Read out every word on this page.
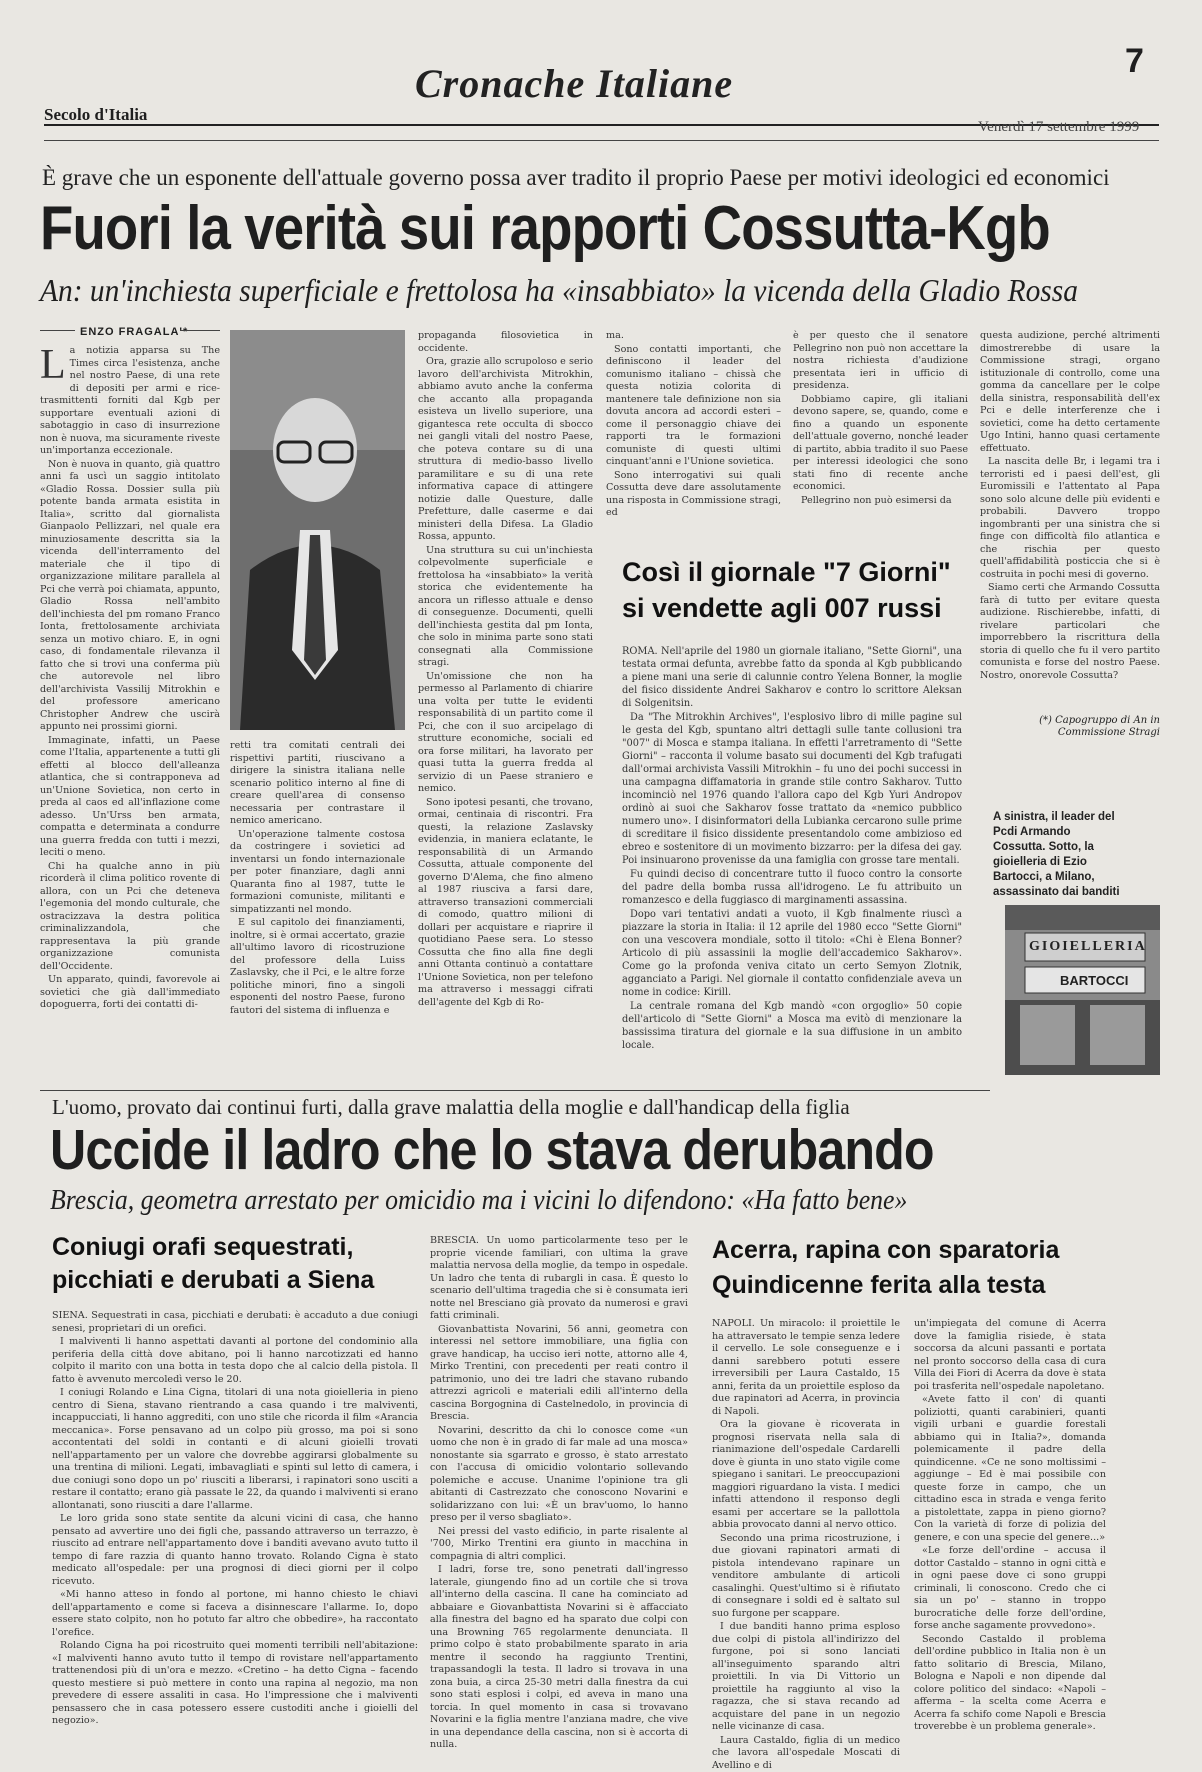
Cronache Italiane	7
Secolo d'Italia
Venerdì 17 settembre 1999
È grave che un esponente dell'attuale governo possa aver tradito il proprio Paese per motivi ideologici ed economici
Fuori la verità sui rapporti Cossutta-Kgb
An: un'inchiesta superficiale e frettolosa ha «insabbiato» la vicenda della Gladio Rossa
ENZO FRAGALA'*
L a notizia apparsa su The Times circa l'esistenza, anche nel nostro Paese, di una rete di depositi per armi e rice-trasmittenti forniti dal Kgb per supportare eventuali azioni di sabotaggio in caso di insurrezione non è nuova, ma sicuramente riveste un'importanza eccezionale.

Non è nuova in quanto, già quattro anni fa uscì un saggio intitolato «Gladio Rossa. Dossier sulla più potente banda armata esistita in Italia», scritto dal giornalista Gianpaolo Pellizzari, nel quale era minuziosamente descritta sia la vicenda dell'interramento del materiale che il tipo di organizzazione militare parallela al Pci che verrà poi chiamata, appunto, Gladio Rossa nell'ambito dell'inchiesta del pm romano Franco Ionta, frettolosamente archiviata senza un motivo chiaro. E, in ogni caso, di fondamentale rilevanza il fatto che si trovi una conferma più che autorevole nel libro dell'archivista Vassilij Mitrokhin e del professore americano Christopher Andrew che uscirà appunto nei prossimi giorni.

Immaginate, infatti, un Paese come l'Italia, appartenente a tutti gli effetti al blocco dell'alleanza atlantica, che si contrapponeva ad un'Unione Sovietica, non certo in preda al caos ed all'inflazione come adesso. Un'Urss ben armata, compatta e determinata a condurre una guerra fredda con tutti i mezzi, leciti o meno.

Chi ha qualche anno in più ricorderà il clima politico rovente di allora, con un Pci che deteneva l'egemonia del mondo culturale, che ostracizzava la destra politica criminalizzandola, che rappresentava la più grande organizzazione comunista dell'Occidente.

Un apparato, quindi, favorevole ai sovietici che già dall'immediato dopoguerra, forti dei contatti di-

retti tra comitati centrali dei rispettivi partiti, riuscivano a dirigere la sinistra italiana nelle scenario politico interno al fine di creare quell'area di consenso necessaria per contrastare il nemico americano.

Un'operazione talmente costosa da costringere i sovietici ad inventarsi un fondo internazionale per poter finanziare, dagli anni Quaranta fino al 1987, tutte le formazioni comuniste, militanti e simpatizzanti nel mondo.

E sul capitolo dei finanziamenti, inoltre, si è ormai accertato, grazie all'ultimo lavoro di ricostruzione del professore della Luiss Zaslavsky, che il Pci, e le altre forze politiche minori, fino a singoli esponenti del nostro Paese, furono fautori del sistema di influenza e

propaganda filosovietica in occidente.

Ora, grazie allo scrupoloso e serio lavoro dell'archivista Mitrokhin, abbiamo avuto anche la conferma che accanto alla propaganda esisteva un livello superiore, una gigantesca rete occulta di sbocco nei gangli vitali del nostro Paese, che poteva contare su di una struttura di medio-basso livello paramilitare e su di una rete informativa capace di attingere notizie dalle Questure, dalle Prefetture, dalle caserme e dai ministeri della Difesa. La Gladio Rossa, appunto.

Una struttura su cui un'inchiesta colpevolmente superficiale e frettolosa ha «insabbiato» la verità storica che evidentemente ha ancora un riflesso attuale e denso di conseguenze. Documenti, quelli dell'inchiesta gestita dal pm Ionta, che solo in minima parte sono stati consegnati alla Commissione stragi.

Un'omissione che non ha permesso al Parlamento di chiarire una volta per tutte le evidenti responsabilità di un partito come il Pci, che con il suo arcipelago di strutture economiche, sociali ed ora forse militari, ha lavorato per quasi tutta la guerra fredda al servizio di un Paese straniero e nemico.

Sono ipotesi pesanti, che trovano, ormai, centinaia di riscontri. Fra questi, la relazione Zaslavsky evidenzia, in maniera eclatante, le responsabilità di un Armando Cossutta, attuale componente del governo D'Alema, che fino almeno al 1987 riusciva a farsi dare, attraverso transazioni commerciali di comodo, quattro milioni di dollari per acquistare e riaprire il quotidiano Paese sera. Lo stesso Cossutta che fino alla fine degli anni Ottanta continuò a contattare l'Unione Sovietica, non per telefono ma attraverso i messaggi cifrati dell'agente del Kgb di Ro-

ma.

Sono contatti importanti, che definiscono il leader del comunismo italiano – chissà che questa notizia colorita di mantenere tale definizione non sia dovuta ancora ad accordi esteri – come il personaggio chiave dei rapporti tra le formazioni comuniste di questi ultimi cinquant'anni e l'Unione sovietica.

Sono interrogativi sui quali Cossutta deve dare assolutamente una risposta in Commissione stragi, ed

è per questo che il senatore Pellegrino non può non accettare la nostra richiesta d'audizione presentata ieri in ufficio di presidenza.

Dobbiamo capire, gli italiani devono sapere, se, quando, come e fino a quando un esponente dell'attuale governo, nonché leader di partito, abbia tradito il suo Paese per interessi ideologici che sono stati fino di recente anche economici.

Pellegrino non può esimersi da

questa audizione, perché altrimenti dimostrerebbe di usare la Commissione stragi, organo istituzionale di controllo, come una gomma da cancellare per le colpe della sinistra, responsabilità dell'ex Pci e delle interferenze che i sovietici, come ha detto certamente Ugo Intini, hanno quasi certamente effettuato.

La nascita delle Br, i legami tra i terroristi ed i paesi dell'est, gli Euromissili e l'attentato al Papa sono solo alcune delle più evidenti e probabili. Davvero troppo ingombranti per una sinistra che si finge con difficoltà filo atlantica e che rischia per questo quell'affidabilità posticcia che si è costruita in pochi mesi di governo.

Siamo certi che Armando Cossutta farà di tutto per evitare questa audizione. Rischierebbe, infatti, di rivelare particolari che imporrebbero la riscrittura della storia di quello che fu il vero partito comunista e forse del nostro Paese. Nostro, onorevole Cossutta?

(*) Capogruppo di An in Commissione Stragi
Così il giornale "7 Giorni"
si vendette agli 007 russi

ROMA. Nell'aprile del 1980 un giornale italiano, "Sette Giorni", una testata ormai defunta, avrebbe fatto da sponda al Kgb pubblicando a piene mani una serie di calunnie contro Yelena Bonner, la moglie del fisico dissidente Andrei Sakharov e contro lo scrittore Aleksan di Solgenitsin.

Da "The Mitrokhin Archives", l'esplosivo libro di mille pagine sul le gesta del Kgb, spuntano altri dettagli sulle tante collusioni tra "007" di Mosca e stampa italiana. In effetti l'arretramento di "Sette Giorni" – racconta il volume basato sui documenti del Kgb trafugati dall'ormai archivista Vassili Mitrokhin – fu uno dei pochi successi in una campagna diffamatoria in grande stile contro Sakharov. Tutto incominciò nel 1976 quando l'allora capo del Kgb Yuri Andropov ordinò ai suoi che Sakharov fosse trattato da «nemico pubblico numero uno». I disinformatori della Lubianka cercarono sulle prime di screditare il fisico dissidente presentandolo come ambizioso ed ebreo e sostenitore di un movimento bizzarro: per la difesa dei gay. Poi insinuarono provenisse da una famiglia con grosse tare mentali.

Fu quindi deciso di concentrare tutto il fuoco contro la consorte del padre della bomba russa all'idrogeno. Le fu attribuito un romanzesco e della fuggiasco di marginamenti assassina.

Dopo vari tentativi andati a vuoto, il Kgb finalmente riuscì a piazzare la storia in Italia: il 12 aprile del 1980 ecco "Sette Giorni" con una vescovera mondiale, sotto il titolo: «Chi è Elena Bonner? Articolo di più assassinii la moglie dell'accademico Sakharov». Come go la profonda veniva citato un certo Semyon Zlotnik, agganciato a Parigi. Nel giornale il contatto confidenziale aveva un nome in codice: Kirill.

La centrale romana del Kgb mandò «con orgoglio» 50 copie dell'articolo di "Sette Giorni" a Mosca ma evitò di menzionare la bassissima tiratura del giornale e la sua diffusione in un ambito locale.

A sinistra, il leader del Pcdi Armando Cossutta. Sotto, la gioielleria di Ezio Bartocci, a Milano, assassinato dai banditi
GIOIELLERIA
BARTOCCI
L'uomo, provato dai continui furti, dalla grave malattia della moglie e dall'handicap della figlia
Uccide il ladro che lo stava derubando
Brescia, geometra arrestato per omicidio ma i vicini lo difendono: «Ha fatto bene»

BRESCIA. Un uomo particolarmente teso per le proprie vicende familiari, con ultima la grave malattia nervosa della moglie, da tempo in ospedale. Un ladro che tenta di rubargli in casa. È questo lo scenario dell'ultima tragedia che si è consumata ieri notte nel Bresciano già provato da numerosi e gravi fatti criminali.

Giovanbattista Novarini, 56 anni, geometra con interessi nel settore immobiliare, una figlia con grave handicap, ha ucciso ieri notte, attorno alle 4, Mirko Trentini, con precedenti per reati contro il patrimonio, uno dei tre ladri che stavano rubando attrezzi agricoli e materiali edili all'interno della cascina Borgognina di Castelnedolo, in provincia di Brescia.

Novarini, descritto da chi lo conosce come «un uomo che non è in grado di far male ad una mosca» nonostante sia sgarrato e grosso, è stato arrestato con l'accusa di omicidio volontario sollevando polemiche e accuse. Unanime l'opinione tra gli abitanti di Castrezzato che conoscono Novarini e solidarizzano con lui: «È un brav'uomo, lo hanno preso per il verso sbagliato».

Nei pressi del vasto edificio, in parte risalente al '700, Mirko Trentini era giunto in macchina in compagnia di altri complici.

I ladri, forse tre, sono penetrati dall'ingresso laterale, giungendo fino ad un cortile che si trova all'interno della cascina. Il cane ha cominciato ad abbaiare e Giovanbattista Novarini si è affacciato alla finestra del bagno ed ha sparato due colpi con una Browning 765 regolarmente denunciata. Il primo colpo è stato probabilmente sparato in aria mentre il secondo ha raggiunto Trentini, trapassandogli la testa. Il ladro si trovava in una zona buia, a circa 25-30 metri dalla finestra da cui sono stati esplosi i colpi, ed aveva in mano una torcia. In quel momento in casa si trovavano Novarini e la figlia mentre l'anziana madre, che vive in una dependance della cascina, non si è accorta di nulla.

Coniugi orafi sequestrati,
picchiati e derubati a Siena

SIENA. Sequestrati in casa, picchiati e derubati: è accaduto a due coniugi senesi, proprietari di un orefici.

I malviventi li hanno aspettati davanti al portone del condominio alla periferia della città dove abitano, poi li hanno narcotizzati ed hanno colpito il marito con una botta in testa dopo che al calcio della pistola. Il fatto è avvenuto mercoledì verso le 20.

I coniugi Rolando e Lina Cigna, titolari di una nota gioielleria in pieno centro di Siena, stavano rientrando a casa quando i tre malviventi, incappucciati, li hanno aggrediti, con uno stile che ricorda il film «Arancia meccanica». Forse pensavano ad un colpo più grosso, ma poi si sono accontentati del soldi in contanti e di alcuni gioielli trovati nell'appartamento per un valore che dovrebbe aggirarsi globalmente su una trentina di milioni. Legati, imbavagliati e spinti sul letto di camera, i due coniugi sono dopo un po' riusciti a liberarsi, i rapinatori sono usciti a restare il contatto; erano già passate le 22, da quando i malviventi si erano allontanati, sono riusciti a dare l'allarme.

Le loro grida sono state sentite da alcuni vicini di casa, che hanno pensato ad avvertire uno dei figli che, passando attraverso un terrazzo, è riuscito ad entrare nell'appartamento dove i banditi avevano avuto tutto il tempo di fare razzia di quanto hanno trovato. Rolando Cigna è stato medicato all'ospedale: per una prognosi di dieci giorni per il colpo ricevuto.

«Mi hanno atteso in fondo al portone, mi hanno chiesto le chiavi dell'appartamento e come si faceva a disinnescare l'allarme. Io, dopo essere stato colpito, non ho potuto far altro che obbedire», ha raccontato l'orefice.

Rolando Cigna ha poi ricostruito quei momenti terribili nell'abitazione: «I malviventi hanno avuto tutto il tempo di rovistare nell'appartamento trattenendosi più di un'ora e mezzo. «Cretino – ha detto Cigna – facendo questo mestiere si può mettere in conto una rapina al negozio, ma non prevedere di essere assaliti in casa. Ho l'impressione che i malviventi pensassero che in casa potessero essere custoditi anche i gioielli del negozio».

Acerra, rapina con sparatoria
Quindicenne ferita alla testa

NAPOLI. Un miracolo: il proiettile le ha attraversato le tempie senza ledere il cervello. Le sole conseguenze e i danni sarebbero potuti essere irreversibili per Laura Castaldo, 15 anni, ferita da un proiettile esploso da due rapinatori ad Acerra, in provincia di Napoli.

Ora la giovane è ricoverata in prognosi riservata nella sala di rianimazione dell'ospedale Cardarelli dove è giunta in uno stato vigile come spiegano i sanitari. Le preoccupazioni maggiori riguardano la vista. I medici infatti attendono il responso degli esami per accertare se la pallottola abbia provocato danni al nervo ottico.

Secondo una prima ricostruzione, i due giovani rapinatori armati di pistola intendevano rapinare un venditore ambulante di articoli casalinghi. Quest'ultimo si è rifiutato di consegnare i soldi ed è saltato sul suo furgone per scappare.

I due banditi hanno prima esploso due colpi di pistola all'indirizzo del furgone, poi si sono lanciati all'inseguimento sparando altri proiettili. In via Di Vittorio un proiettile ha raggiunto al viso la ragazza, che si stava recando ad acquistare del pane in un negozio nelle vicinanze di casa.

Laura Castaldo, figlia di un medico che lavora all'ospedale Moscati di Avellino e di

un'impiegata del comune di Acerra dove la famiglia risiede, è stata soccorsa da alcuni passanti e portata nel pronto soccorso della casa di cura Villa dei Fiori di Acerra da dove è stata poi trasferita nell'ospedale napoletano.

«Avete fatto il con' di quanti poliziotti, quanti carabinieri, quanti vigili urbani e guardie forestali abbiamo qui in Italia?», domanda polemicamente il padre della quindicenne. «Ce ne sono moltissimi – aggiunge – Ed è mai possibile con queste forze in campo, che un cittadino esca in strada e venga ferito a pistolettate, zappa in pieno giorno? Con la varietà di forze di polizia del genere, e con una specie del genere...»

«Le forze dell'ordine – accusa il dottor Castaldo – stanno in ogni città e in ogni paese dove ci sono gruppi criminali, li conoscono. Credo che ci sia un po' – stanno in troppo burocratiche delle forze dell'ordine, forse anche sagamente provvedono».

Secondo Castaldo il problema dell'ordine pubblico in Italia non è un fatto solitario di Brescia, Milano, Bologna e Napoli e non dipende dal colore politico del sindaco: «Napoli – afferma – la scelta come Acerra e Acerra fa schifo come Napoli e Brescia troverebbe è un problema generale».
